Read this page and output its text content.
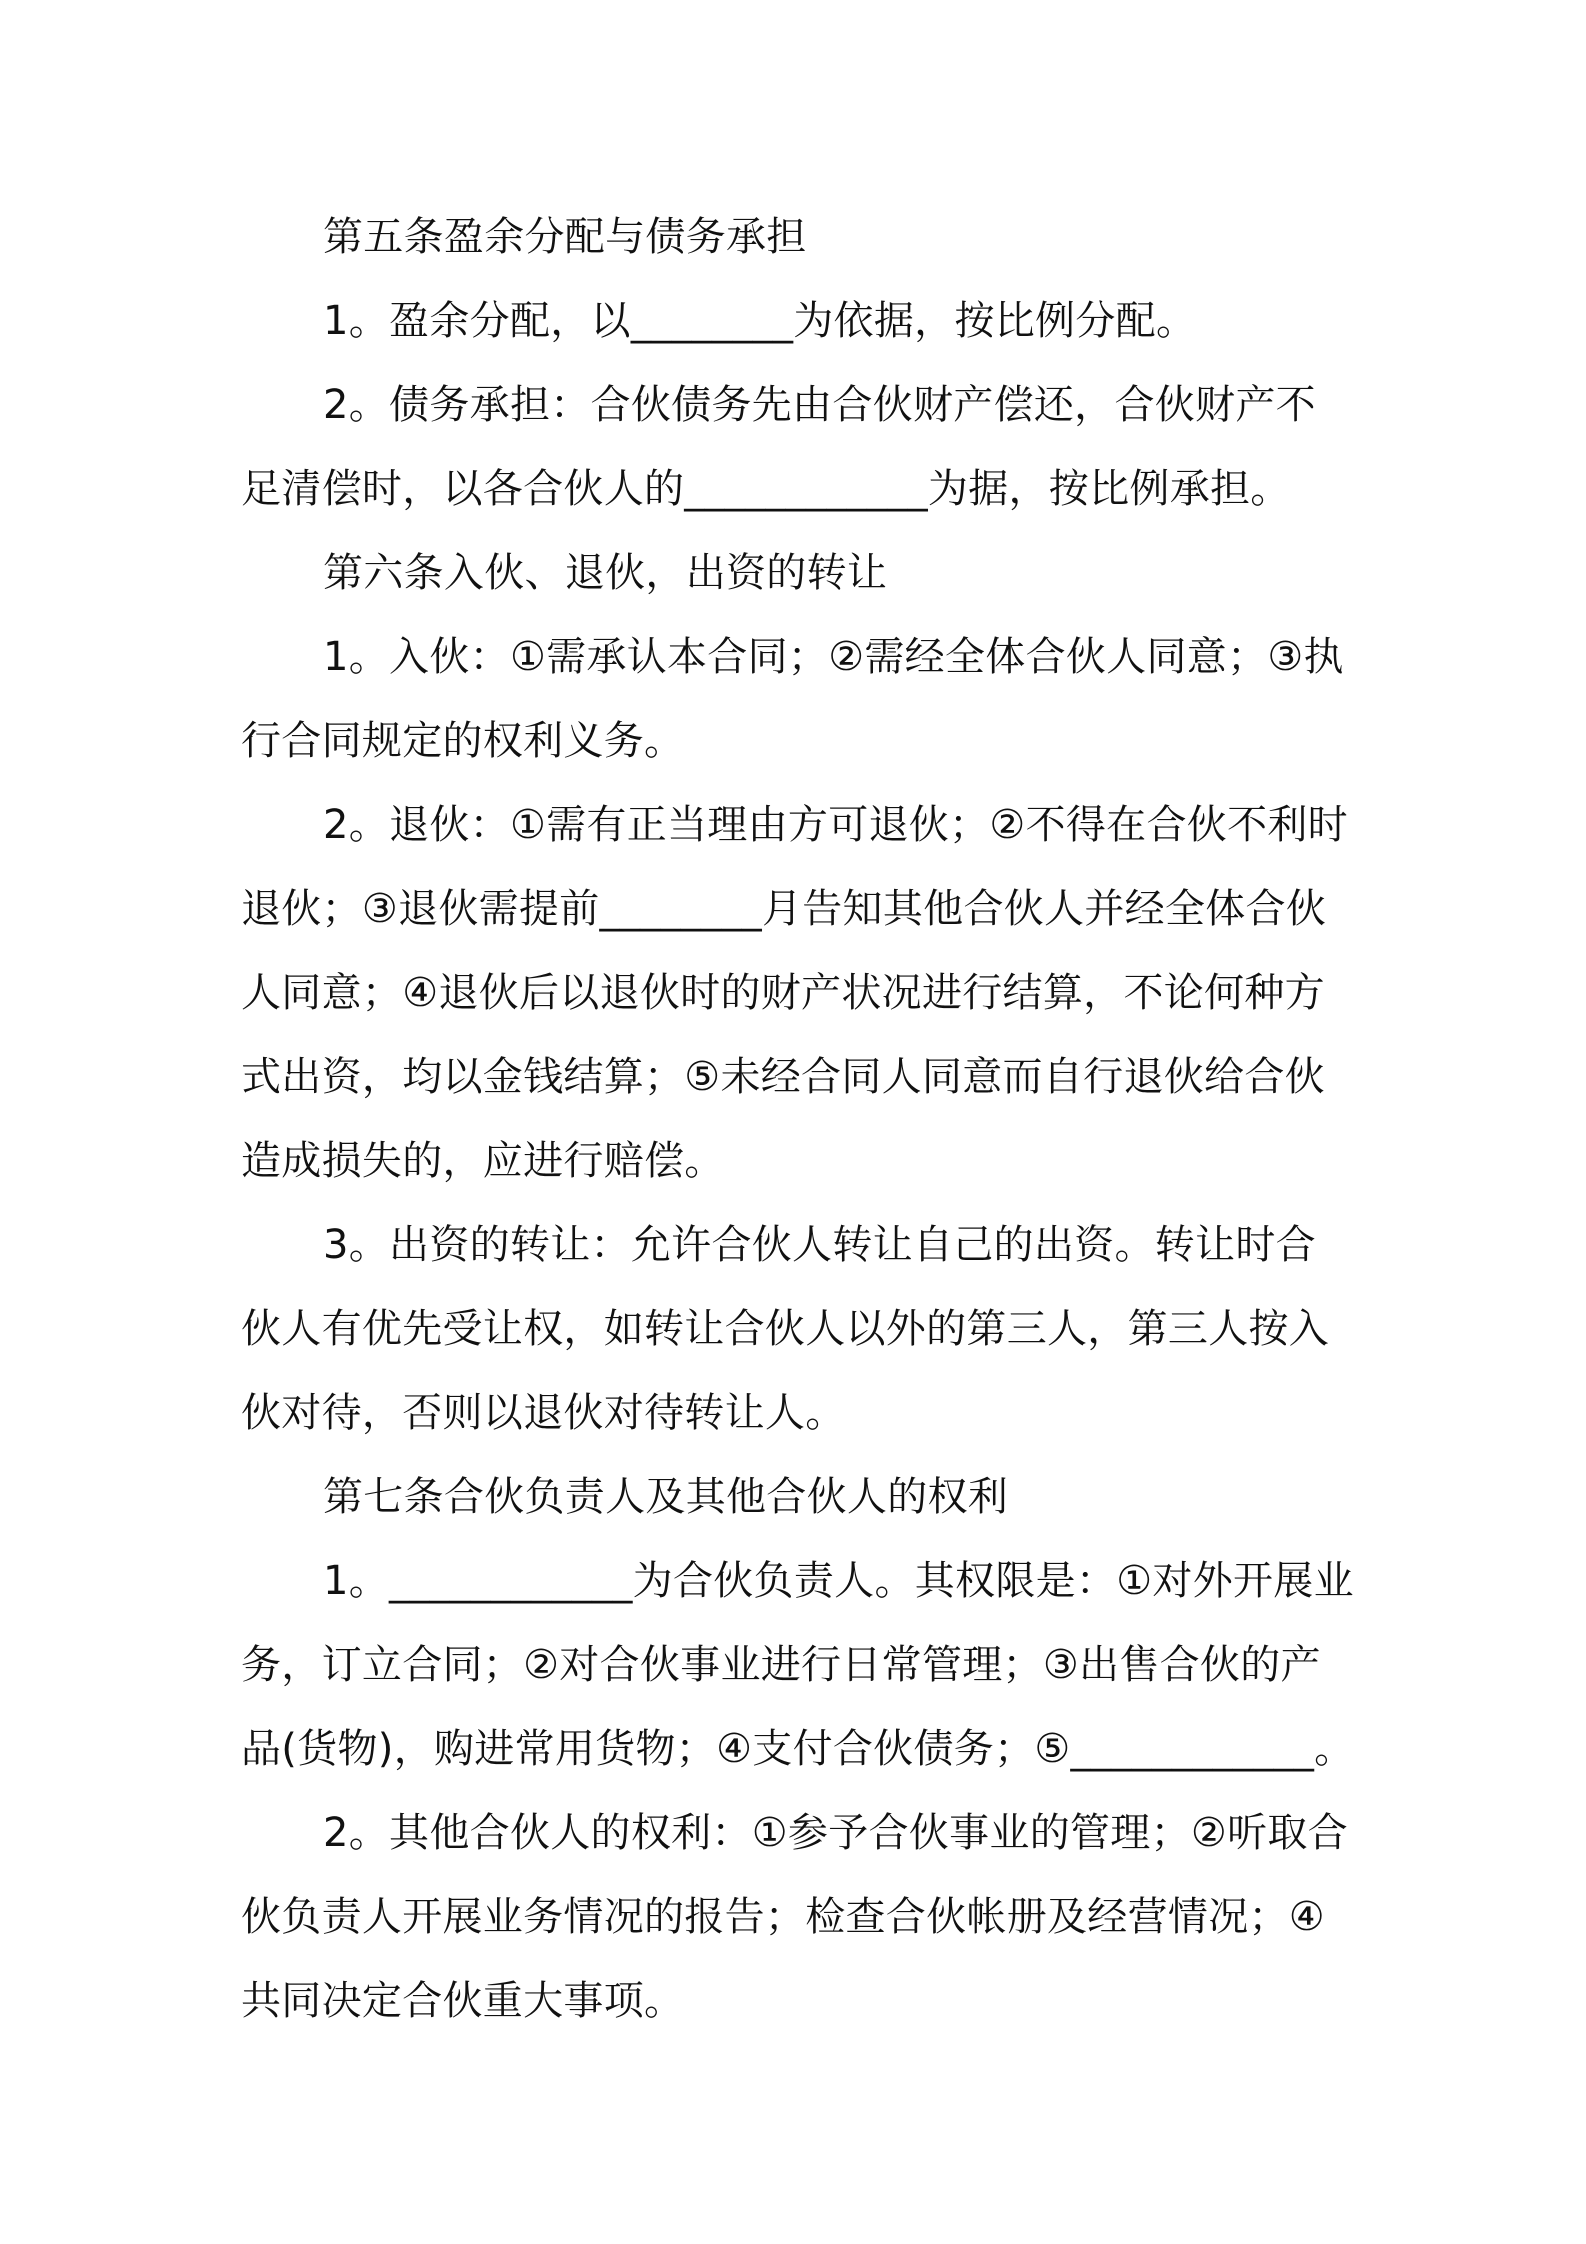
第五条盈余分配与债务承担

1。盈余分配，以________为依据，按比例分配。

2。债务承担：合伙债务先由合伙财产偿还，合伙财产不足清偿时，以各合伙人的____________为据，按比例承担。

第六条入伙、退伙，出资的转让

1。入伙：①需承认本合同；②需经全体合伙人同意；③执行合同规定的权利义务。

2。退伙：①需有正当理由方可退伙；②不得在合伙不利时退伙；③退伙需提前________月告知其他合伙人并经全体合伙人同意；④退伙后以退伙时的财产状况进行结算，不论何种方式出资，均以金钱结算；⑤未经合同人同意而自行退伙给合伙造成损失的，应进行赔偿。

3。出资的转让：允许合伙人转让自己的出资。转让时合伙人有优先受让权，如转让合伙人以外的第三人，第三人按入伙对待，否则以退伙对待转让人。

第七条合伙负责人及其他合伙人的权利

1。____________为合伙负责人。其权限是：①对外开展业务，订立合同；②对合伙事业进行日常管理；③出售合伙的产品(货物)，购进常用货物；④支付合伙债务；⑤____________。

2。其他合伙人的权利：①参予合伙事业的管理；②听取合伙负责人开展业务情况的报告；检查合伙帐册及经营情况；④共同决定合伙重大事项。
